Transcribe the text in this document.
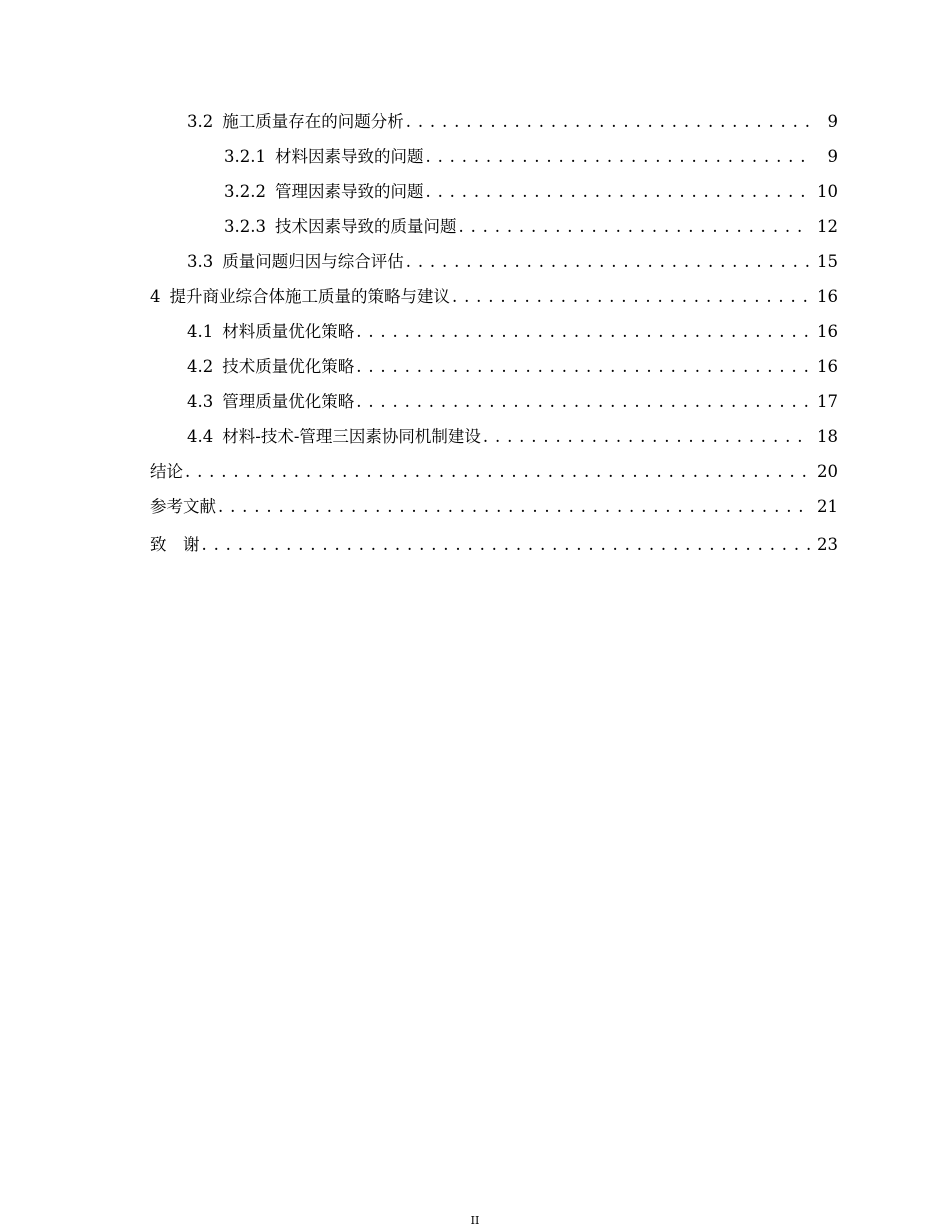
3.2 施工质量存在的问题分析 . . .	9
3.2.1 材料因素导致的问题 . . .	9
3.2.2 管理因素导致的问题 . . .	10
3.2.3 技术因素导致的质量问题 . . .	12
3.3 质量问题归因与综合评估 . . .	15
4 提升商业综合体施工质量的策略与建议 . . .	16
4.1 材料质量优化策略 . . .	16
4.2 技术质量优化策略 . . .	16
4.3 管理质量优化策略 . . .	17
4.4 材料-技术-管理三因素协同机制建设 . . .	18
结论 . . .	20
参考文献 . . .	21
致　谢 . . .	23
II
